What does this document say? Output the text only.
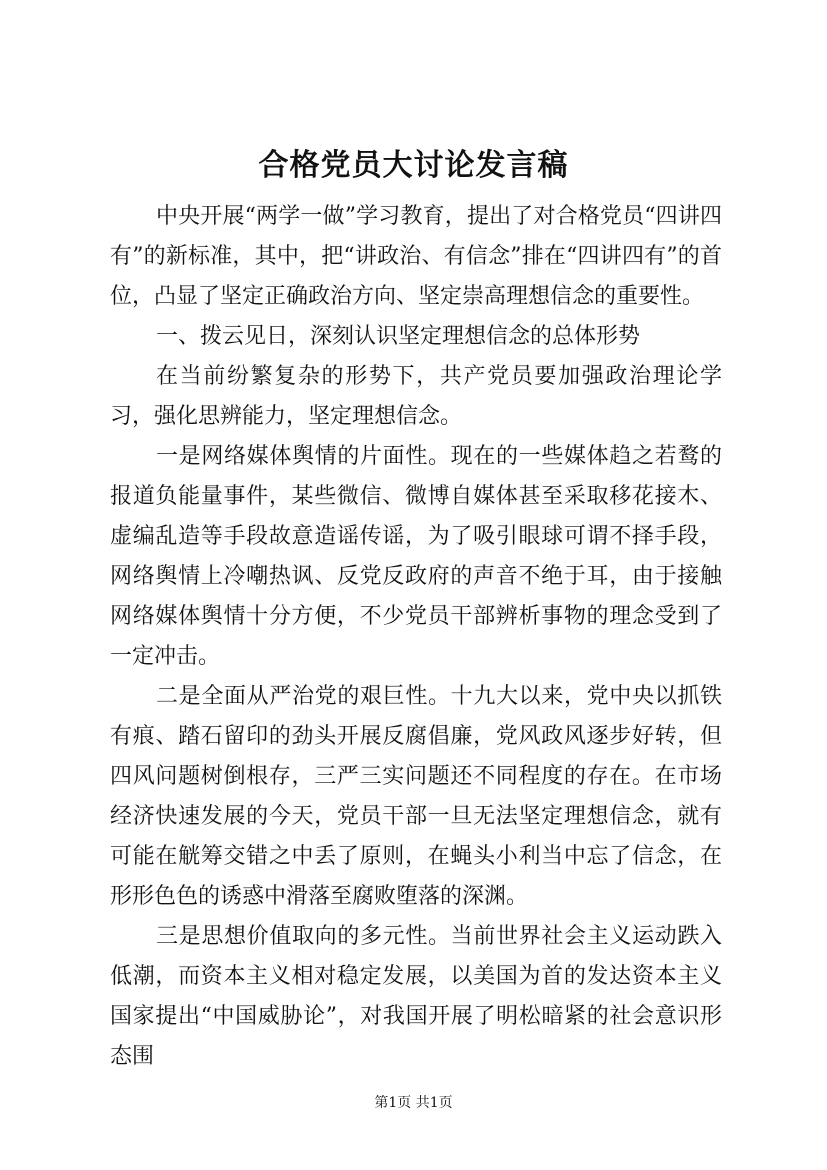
合格党员大讨论发言稿

中央开展“两学一做”学习教育，提出了对合格党员“四讲四有”的新标准，其中，把“讲政治、有信念”排在“四讲四有”的首位，凸显了坚定正确政治方向、坚定崇高理想信念的重要性。

一、拨云见日，深刻认识坚定理想信念的总体形势

在当前纷繁复杂的形势下，共产党员要加强政治理论学习，强化思辨能力，坚定理想信念。

一是网络媒体舆情的片面性。现在的一些媒体趋之若鹜的报道负能量事件，某些微信、微博自媒体甚至采取移花接木、虚编乱造等手段故意造谣传谣，为了吸引眼球可谓不择手段，网络舆情上冷嘲热讽、反党反政府的声音不绝于耳，由于接触网络媒体舆情十分方便，不少党员干部辨析事物的理念受到了一定冲击。

二是全面从严治党的艰巨性。十九大以来，党中央以抓铁有痕、踏石留印的劲头开展反腐倡廉，党风政风逐步好转，但四风问题树倒根存，三严三实问题还不同程度的存在。在市场经济快速发展的今天，党员干部一旦无法坚定理想信念，就有可能在觥筹交错之中丢了原则，在蝇头小利当中忘了信念，在形形色色的诱惑中滑落至腐败堕落的深渊。

三是思想价值取向的多元性。当前世界社会主义运动跌入低潮，而资本主义相对稳定发展，以美国为首的发达资本主义国家提出“中国威胁论”，对我国开展了明松暗紧的社会意识形态围

第1页 共1页
